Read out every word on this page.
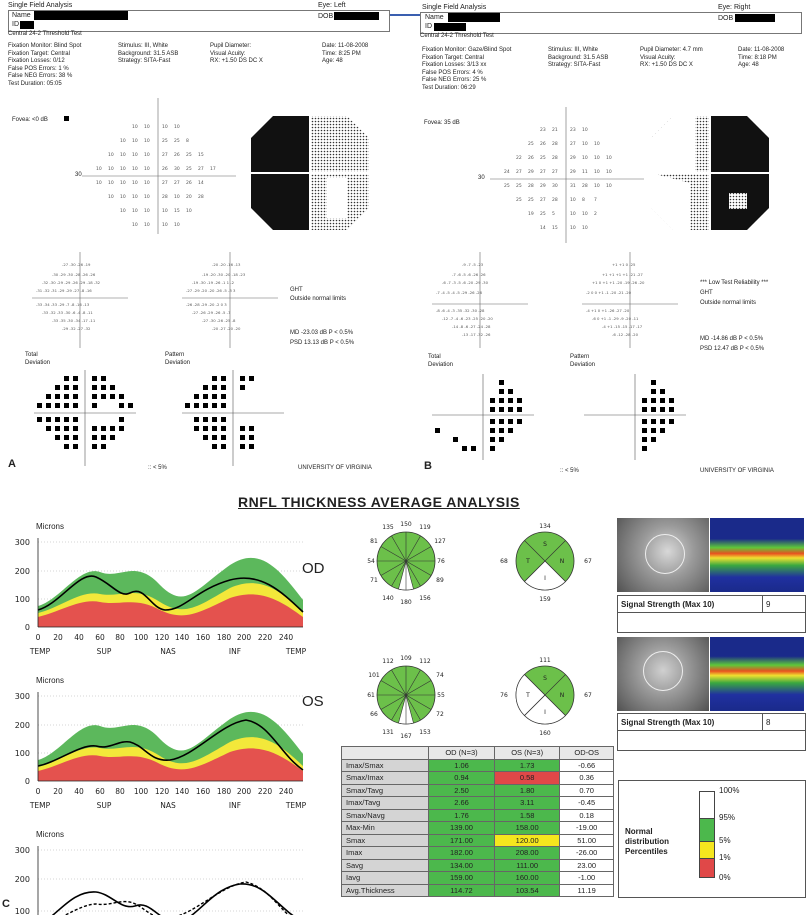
Single Field Analysis	Eye: Left
Name
ID
DOB
Central 24-2 Threshold Test
Fixation Monitor: Blind Spot
Fixation Target: Central
Fixation Losses: 0/12
False POS Errors: 1 %
False NEG Errors: 38 %
Test Duration: 05:05
Stimulus: III, White
Background: 31.5 ASB
Strategy: SITA-Fast
Pupil Diameter:
Visual Acuity:
RX: +1.50 DS DC X
Date: 11-08-2008
Time: 8:25 PM
Age: 48
Fovea: <0 dB
10 10	10 10
10 10 10	25 25 8
10 10 10 10	27 26 25 15
10 10 10 10 10	26 30 25 27 17
10 10 10 10 10	27 27 26 14
10 10 10 10	28 10 20 28
10 10 10	10 15 10
10 10	10 10
30
-27 -30 -26 -19
-30 -29 -30 -28 -26 -26
-32 -30 -29 -29 -26 -29 -18 -32
-31 -32 -31 -29 -29 -27 -8 -16
-33 -34 -33 -29 -7 -8 -16 -13
-33 -32 -33 -30 -6 -4 -8 -11
-33 -35 -30 -34 -17 -11
-29 -32 -27 -32
-20 -20 -16 -13
-19 -20 -30 -20 -18 -23
-19 -30 -19 -26 -1 1 -2
-27 -29 -20 -20 -26 -5 -3 3
-26 -28 -29 -20 -2 0 3
-27 -26 -29 -26 -5 -7
-27 -30 -26 -25 -8
-20 -27 -20 -20
GHT
Outside normal limits
MD -23.03 dB P < 0.5%
PSD 13.13 dB P < 0.5%
Total
Deviation
Pattern
Deviation
A	:: < 5%	UNIVERSITY OF VIRGINIA
Single Field Analysis	Eye: Right
Name
ID
DOB
Central 24-2 Threshold Test
Fixation Monitor: Gaze/Blind Spot
Fixation Target: Central
Fixation Losses: 3/13 xx
False POS Errors: 4 %
False NEG Errors: 25 %
Test Duration: 06:29
Stimulus: III, White
Background: 31.5 ASB
Strategy: SITA-Fast
Pupil Diameter: 4.7 mm
Visual Acuity:
RX: +1.50 DS DC X
Date: 11-08-2008
Time: 8:18 PM
Age: 48
Fovea: 35 dB
23 21	23 10
25 26 28	27 10 10
22 26 25 28	29 10 10 10
24 27 29 27 27	29 11 10 10
25 25 28 29 30	31 28 10 10
25 25 27 28	10 8 7
19 25 5	10 10 2
14 15	10 10
30
-9 -7 -5 -23
-7 -6 -5 -6 -26 -26
-6 -7 -3 -5 -6 -20 -29 -30
-7 -4 -5 -4 -5 -29 -26 -26
-8 -6 -4 -3 -35 -32 -30 -28
-12 -7 -4 -6 -23 -25 -20 -20
-14 -8 -6 -27 -24 -28
-13 -17 -32 -26
+1 +1 0 -25
+1 +1 +1 +1 -21 -27
+1 0 +1 +1 -20 -19 -26 -20
-2 0 0 +1 -1 -20 -21 -20
-4 +1 0 +1 -26 -27 -20
-6 0 +1 -1 -29 -9 -20 -11
-4 +1 -15 -15 -17 -17
-6 -12 -28 -20
*** Low Test Reliability ***
GHT
Outside normal limits
MD -14.86 dB P < 0.5%
PSD 12.47 dB P < 0.5%
Total
Deviation
Pattern
Deviation
B	:: < 5%	UNIVERSITY OF VIRGINIA
RNFL THICKNESS AVERAGE ANALYSIS
Microns
300
200
100
0
0 20 40 60 80 100 120 140 160 180 200 220 240
TEMP	SUP	NAS	INF	TEMP
Microns
300
200
100
0
0 20 40 60 80 100 120 140 160 180 200 220 240
TEMP	SUP	NAS	INF	TEMP
Microns
300
200
100
C
OD
OS
135 150 119
81	127
54	76
71	89
140
180
156
S
T	N
I
134
68	67
159
112 109 112
101	74
61	55
66	72
131
167
153
S
T	N
I
111
76	67
160
Signal Strength (Max 10)	9
Signal Strength (Max 10)	8
	OD (N=3)	OS (N=3)	OD-OS
Imax/Smax	1.06	1.73	-0.66
Smax/Imax	0.94	0.58	0.36
Smax/Tavg	2.50	1.80	0.70
Imax/Tavg	2.66	3.11	-0.45
Smax/Navg	1.76	1.58	0.18
Max-Min	139.00	158.00	-19.00
Smax	171.00	120.00	51.00
Imax	182.00	208.00	-26.00
Savg	134.00	111.00	23.00
Iavg	159.00	160.00	-1.00
Avg.Thickness	114.72	103.54	11.19
Normal
distribution
Percentiles
100%
95%
5%
1%
0%
